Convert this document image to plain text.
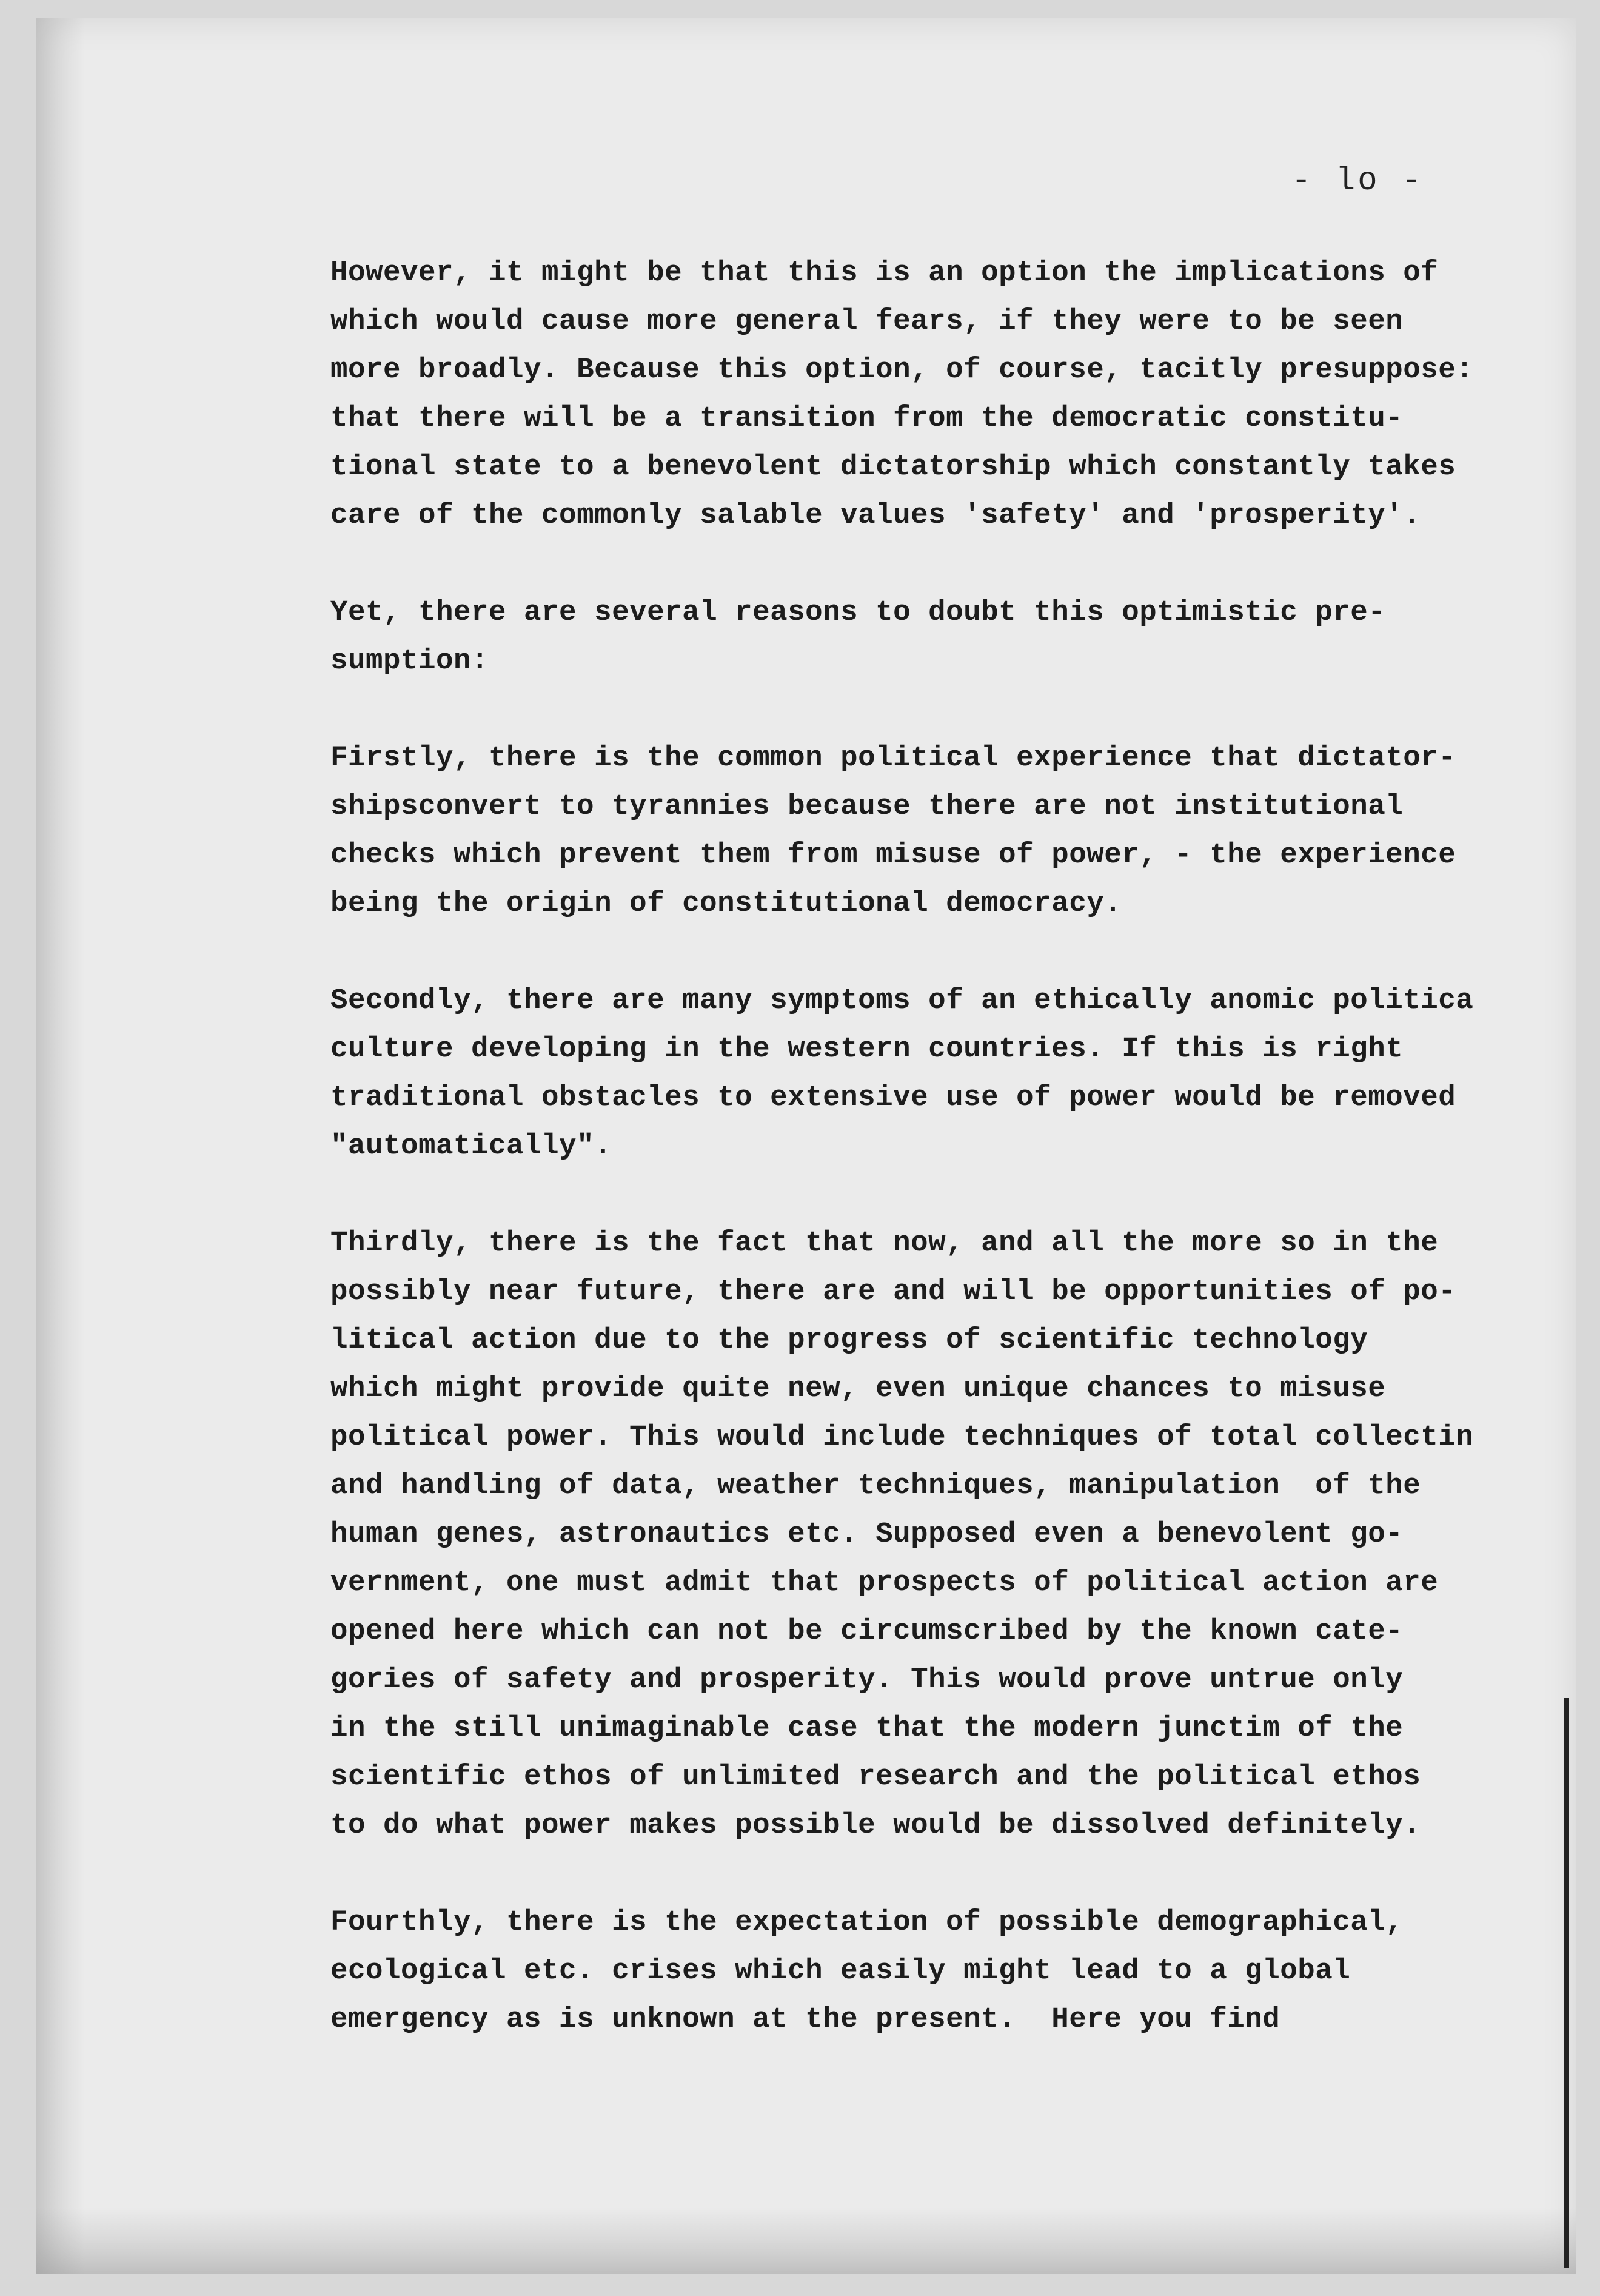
- lo -
However, it might be that this is an option the implications of
which would cause more general fears, if they were to be seen
more broadly. Because this option, of course, tacitly presuppose:
that there will be a transition from the democratic constitu-
tional state to a benevolent dictatorship which constantly takes
care of the commonly salable values 'safety' and 'prosperity'.
Yet, there are several reasons to doubt this optimistic pre-
sumption:
Firstly, there is the common political experience that dictator-
shipsconvert to tyrannies because there are not institutional
checks which prevent them from misuse of power, - the experience
being the origin of constitutional democracy.
Secondly, there are many symptoms of an ethically anomic politica
culture developing in the western countries. If this is right
traditional obstacles to extensive use of power would be removed
"automatically".
Thirdly, there is the fact that now, and all the more so in the
possibly near future, there are and will be opportunities of po-
litical action due to the progress of scientific technology
which might provide quite new, even unique chances to misuse
political power. This would include techniques of total collectin
and handling of data, weather techniques, manipulation  of the
human genes, astronautics etc. Supposed even a benevolent go-
vernment, one must admit that prospects of political action are
opened here which can not be circumscribed by the known cate-
gories of safety and prosperity. This would prove untrue only
in the still unimaginable case that the modern junctim of the
scientific ethos of unlimited research and the political ethos
to do what power makes possible would be dissolved definitely.
Fourthly, there is the expectation of possible demographical,
ecological etc. crises which easily might lead to a global
emergency as is unknown at the present.  Here you find
